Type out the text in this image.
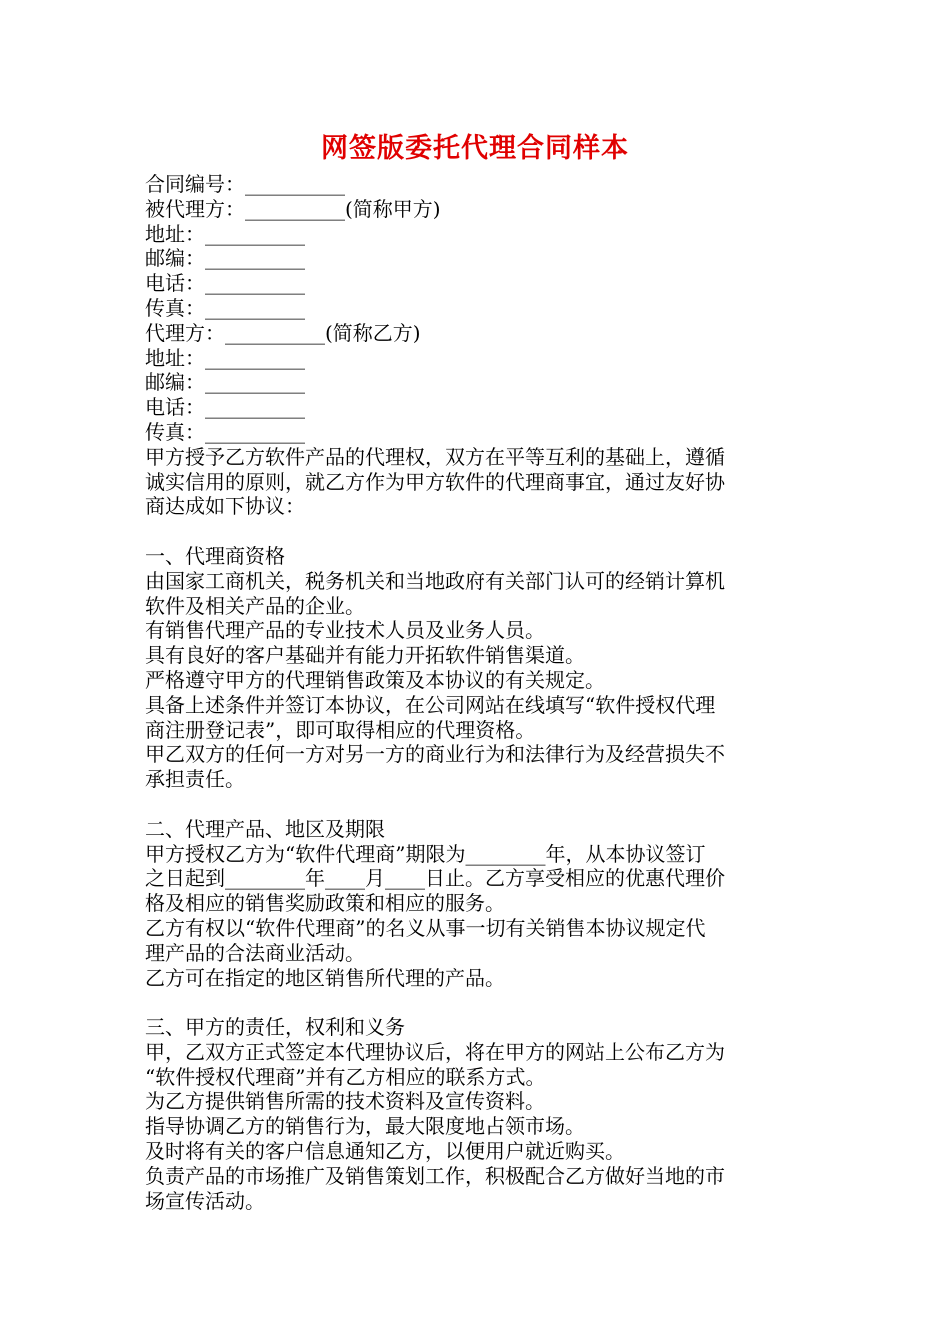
网签版委托代理合同样本
合同编号：__________
被代理方：__________(简称甲方)
地址：__________
邮编：__________
电话：__________
传真：__________
代理方：__________(简称乙方)
地址：__________
邮编：__________
电话：__________
传真：__________
甲方授予乙方软件产品的代理权，双方在平等互利的基础上，遵循
诚实信用的原则，就乙方作为甲方软件的代理商事宜，通过友好协
商达成如下协议：
一、代理商资格
由国家工商机关，税务机关和当地政府有关部门认可的经销计算机
软件及相关产品的企业。
有销售代理产品的专业技术人员及业务人员。
具有良好的客户基础并有能力开拓软件销售渠道。
严格遵守甲方的代理销售政策及本协议的有关规定。
具备上述条件并签订本协议，在公司网站在线填写“软件授权代理
商注册登记表”，即可取得相应的代理资格。
甲乙双方的任何一方对另一方的商业行为和法律行为及经营损失不
承担责任。
二、代理产品、地区及期限
甲方授权乙方为“软件代理商”期限为________年，从本协议签订
之日起到________年____月____日止。乙方享受相应的优惠代理价
格及相应的销售奖励政策和相应的服务。
乙方有权以“软件代理商”的名义从事一切有关销售本协议规定代
理产品的合法商业活动。
乙方可在指定的地区销售所代理的产品。
三、甲方的责任，权利和义务
甲，乙双方正式签定本代理协议后，将在甲方的网站上公布乙方为
“软件授权代理商”并有乙方相应的联系方式。
为乙方提供销售所需的技术资料及宣传资料。
指导协调乙方的销售行为，最大限度地占领市场。
及时将有关的客户信息通知乙方，以便用户就近购买。
负责产品的市场推广及销售策划工作，积极配合乙方做好当地的市
场宣传活动。
